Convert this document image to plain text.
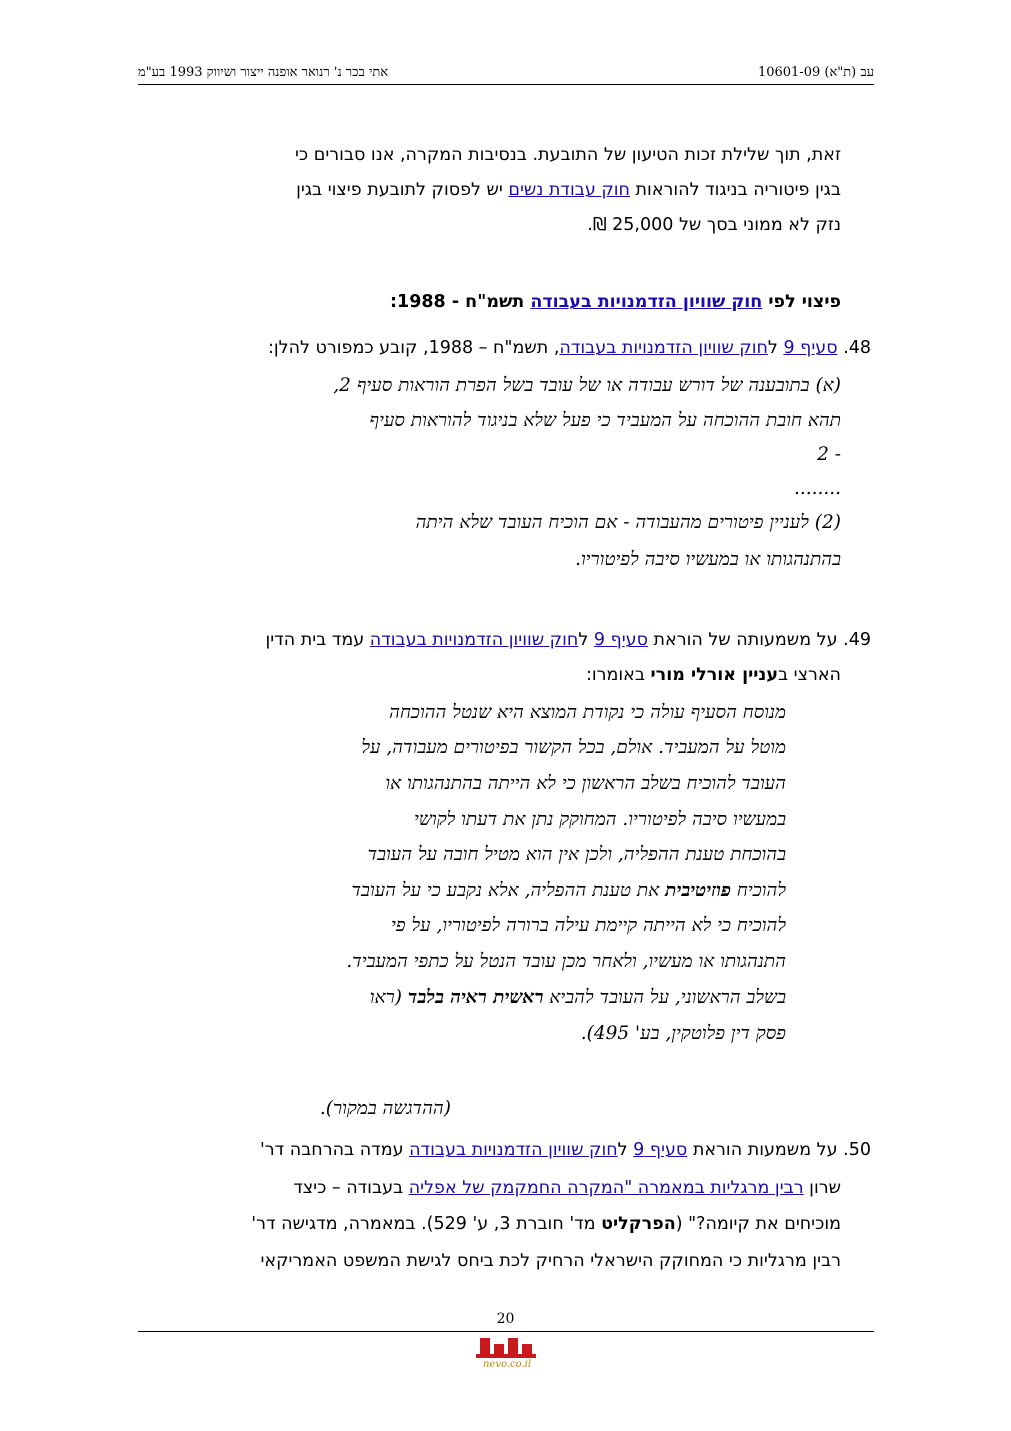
עב (ת"א) 10601-09
אתי בכר נ' רנואר אופנה ייצור ושיווק 1993 בע"מ
זאת, תוך שלילת זכות הטיעון של התובעת. בנסיבות המקרה, אנו סבורים כי
בגין פיטוריה בניגוד להוראות חוק עבודת נשים יש לפסוק לתובעת פיצוי בגין
נזק לא ממוני בסך של 25,000 ₪.
פיצוי לפי חוק שוויון הזדמנויות בעבודה תשמ"ח - 1988:
48. סעיף 9 לחוק שוויון הזדמנויות בעבודה, תשמ"ח – 1988, קובע כמפורט להלן:
(א) בתובענה של דורש עבודה או של עובד בשל הפרת הוראות סעיף 2,
תהא חובת ההוכחה על המעביד כי פעל שלא בניגוד להוראות סעיף
- 2
........
(2) לעניין פיטורים מהעבודה - אם הוכיח העובד שלא היתה
בהתנהגותו או במעשיו סיבה לפיטוריו.
49. על משמעותה של הוראת סעיף 9 לחוק שוויון הזדמנויות בעבודה עמד בית הדין
הארצי בעניין אורלי מורי באומרו:
מנוסח הסעיף עולה כי נקודת המוצא היא שנטל ההוכחה
מוטל על המעביד. אולם, בכל הקשור בפיטורים מעבודה, על
העובד להוכיח בשלב הראשון כי לא הייתה בהתנהגותו או
במעשיו סיבה לפיטוריו. המחוקק נתן את דעתו לקושי
בהוכחת טענת ההפליה, ולכן אין הוא מטיל חובה על העובד
להוכיח פוזיטיבית את טענת ההפליה, אלא נקבע כי על העובד
להוכיח כי לא הייתה קיימת עילה ברורה לפיטוריו, על פי
התנהגותו או מעשיו, ולאחר מכן עובד הנטל על כתפי המעביד.
בשלב הראשוני, על העובד להביא ראשית ראיה בלבד (ראו
פסק דין פלוטקין, בע' 495).
(ההדגשה במקור).
50. על משמעות הוראת סעיף 9 לחוק שוויון הזדמנויות בעבודה עמדה בהרחבה דר'
שרון רבין מרגליות במאמרה "המקרה החמקמק של אפליה בעבודה – כיצד
מוכיחים את קיומה?" (הפרקליט מד' חוברת 3, ע' 529). במאמרה, מדגישה דר'
רבין מרגליות כי המחוקק הישראלי הרחיק לכת ביחס לגישת המשפט האמריקאי
20
nevo.co.il
